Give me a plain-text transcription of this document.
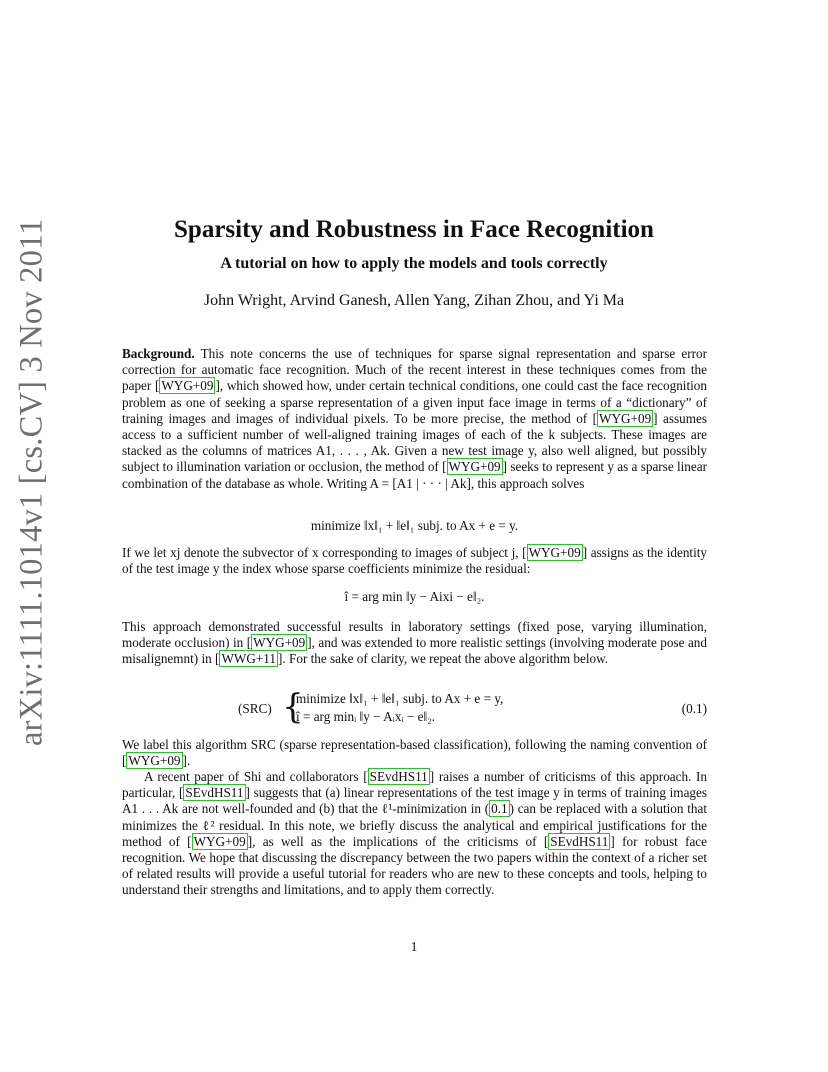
arXiv:1111.1014v1 [cs.CV] 3 Nov 2011	Sparsity and Robustness in Face Recognition
A tutorial on how to apply the models and tools correctly
John Wright, Arvind Ganesh, Allen Yang, Zihan Zhou, and Yi Ma

Background. This note concerns the use of techniques for sparse signal representation and sparse error correction for automatic face recognition. Much of the recent interest in these techniques comes from the paper [ WYG+09 ], which showed how, under certain technical conditions, one could cast the face recognition problem as one of seeking a sparse representation of a given input face image in terms of a “dictionary” of training images and images of individual pixels. To be more precise, the method of [ WYG+09 ] assumes access to a sufficient number of well-aligned training images of each of the k subjects. These images are stacked as the columns of matrices A1, . . . , Ak. Given a new test image y, also well aligned, but possibly subject to illumination variation or occlusion, the method of [ WYG+09 ] seeks to represent y as a sparse linear combination of the database as whole. Writing A = [A1 | · · · | Ak], this approach solves

minimize ‖x‖₁ + ‖e‖₁ subj. to Ax + e = y.

If we let xj denote the subvector of x corresponding to images of subject j, [ WYG+09 ] assigns as the identity of the test image y the index whose sparse coefficients minimize the residual:

î = arg min ‖y − Aixi − e‖₂.

This approach demonstrated successful results in laboratory settings (fixed pose, varying illumination, moderate occlusion) in [ WYG+09 ], and was extended to more realistic settings (involving moderate pose and misalignemnt) in [ WWG+11 ]. For the sake of clarity, we repeat the above algorithm below.

(SRC) {
minimize ‖x‖₁ + ‖e‖₁ subj. to Ax + e = y,
î = arg minᵢ ‖y − Aᵢxᵢ − e‖₂.
(0.1)

We label this algorithm SRC (sparse representation-based classification), following the naming convention of [ WYG+09 ].

A recent paper of Shi and collaborators [ SEvdHS11 ] raises a number of criticisms of this approach. In particular, [ SEvdHS11 ] suggests that (a) linear representations of the test image y in terms of training images A1 . . . Ak are not well-founded and (b) that the ℓ¹-minimization in ( 0.1 ) can be replaced with a solution that minimizes the ℓ² residual. In this note, we briefly discuss the analytical and empirical justifications for the method of [ WYG+09 ], as well as the implications of the criticisms of [ SEvdHS11 ] for robust face recognition. We hope that discussing the discrepancy between the two papers within the context of a richer set of related results will provide a useful tutorial for readers who are new to these concepts and tools, helping to understand their strengths and limitations, and to apply them correctly.

1
